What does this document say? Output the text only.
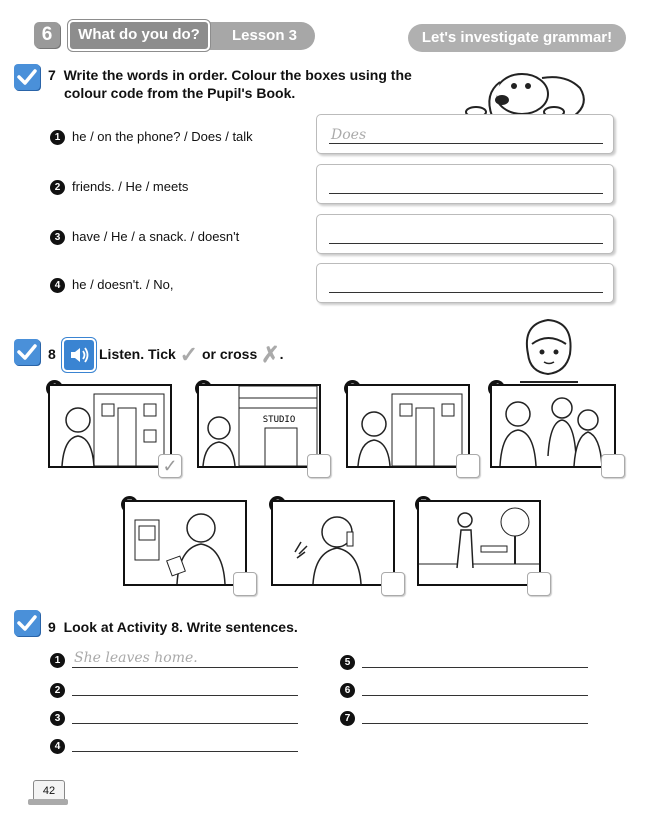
Lesson 3
6	What do you do?	Let's investigate grammar!
7 Write the words in order. Colour the boxes using the
colour code from the Pupil's Book.
1 he / on the phone? / Does / talk	Does
2 friends. / He / meets
3 have / He / a snack. / doesn't
4 he / doesn't. / No,
8	Listen. Tick ✓ or cross ✗.
✓
STUDIO
9 Look at Activity 8. Write sentences.
1 She leaves home.
2
3
4
5
6
7
42
